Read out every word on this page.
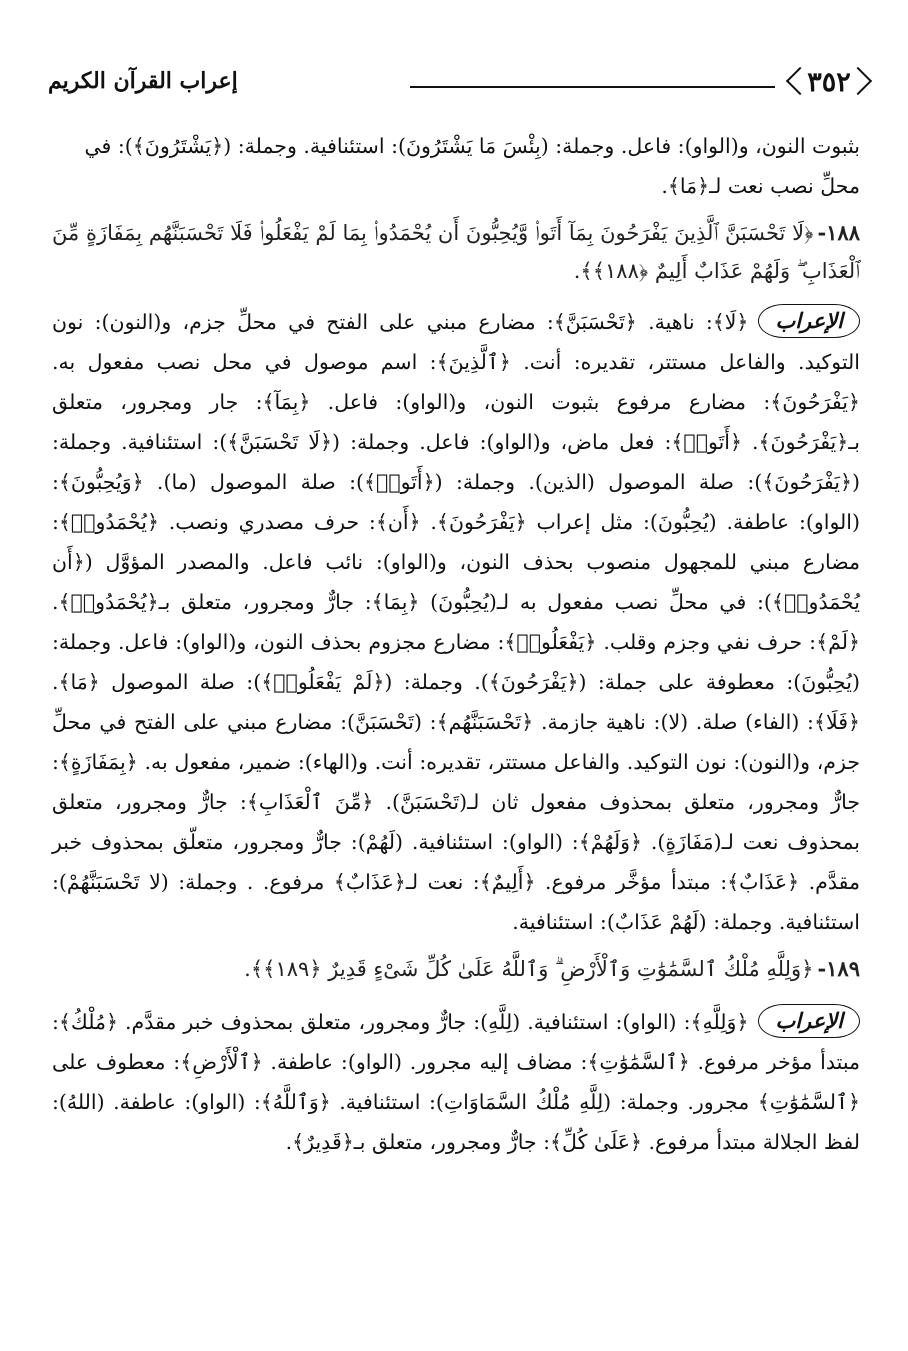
٣٥٢
إعراب القرآن الكريم

بثبوت النون، و(الواو): فاعل. وجملة: (بِئْسَ مَا يَشْتَرُونَ): استئنافية. وجملة: (﴿يَشْتَرُونَ﴾): في

محلِّ نصب نعت لـ﴿مَا﴾.

١٨٨-﴿لَا تَحْسَبَنَّ ٱلَّذِينَ يَفْرَحُونَ بِمَآ أَتَوا۟ وَّيُحِبُّونَ أَن يُحْمَدُوا۟ بِمَا لَمْ يَفْعَلُوا۟ فَلَا تَحْسَبَنَّهُم بِمَفَازَةٍ مِّنَ ٱلْعَذَابِ ۖ وَلَهُمْ عَذَابٌ أَلِيمٌ ﴿١٨٨﴾﴾.

الإعراب

﴿لَا﴾: ناهية. ﴿تَحْسَبَنَّ﴾: مضارع مبني على الفتح في محلِّ جزم، و(النون): نون التوكيد. والفاعل مستتر، تقديره: أنت. ﴿ٱلَّذِينَ﴾: اسم موصول في محل نصب مفعول به. ﴿يَفْرَحُونَ﴾: مضارع مرفوع بثبوت النون، و(الواو): فاعل. ﴿بِمَآ﴾: جار ومجرور، متعلق بـ﴿يَفْرَحُونَ﴾. ﴿أَتَوا۟﴾: فعل ماض، و(الواو): فاعل. وجملة: (﴿لَا تَحْسَبَنَّ﴾): استئنافية. وجملة: (﴿يَفْرَحُونَ﴾): صلة الموصول (الذين). وجملة: (﴿أَتَوا۟﴾): صلة الموصول (ما). ﴿وَيُحِبُّونَ﴾: (الواو): عاطفة. (يُحِبُّونَ): مثل إعراب ﴿يَفْرَحُونَ﴾. ﴿أَن﴾: حرف مصدري ونصب. ﴿يُحْمَدُوا۟﴾: مضارع مبني للمجهول منصوب بحذف النون، و(الواو): نائب فاعل. والمصدر المؤوَّل (﴿أَن يُحْمَدُوا۟﴾): في محلِّ نصب مفعول به لـ(يُحِبُّونَ) ﴿بِمَا﴾: جارٌّ ومجرور، متعلق بـ﴿يُحْمَدُوا۟﴾. ﴿لَمْ﴾: حرف نفي وجزم وقلب. ﴿يَفْعَلُوا۟﴾: مضارع مجزوم بحذف النون، و(الواو): فاعل. وجملة: (يُحِبُّونَ): معطوفة على جملة: (﴿يَفْرَحُونَ﴾). وجملة: (﴿لَمْ يَفْعَلُوا۟﴾): صلة الموصول ﴿مَا﴾. ﴿فَلَا﴾: (الفاء) صلة. (لا): ناهية جازمة. ﴿تَحْسَبَنَّهُم﴾: (تَحْسَبَنَّ): مضارع مبني على الفتح في محلِّ جزم، و(النون): نون التوكيد. والفاعل مستتر، تقديره: أنت. و(الهاء): ضمير، مفعول به. ﴿بِمَفَازَةٍ﴾: جارٌّ ومجرور، متعلق بمحذوف مفعول ثان لـ(تَحْسَبَنَّ). ﴿مِّنَ ٱلْعَذَابِ﴾: جارٌّ ومجرور، متعلق بمحذوف نعت لـ(مَفَازَةٍ). ﴿وَلَهُمْ﴾: (الواو): استئنافية. (لَهُمْ): جارٌّ ومجرور، متعلّق بمحذوف خبر مقدَّم. ﴿عَذَابٌ﴾: مبتدأ مؤخَّر مرفوع. ﴿أَلِيمٌ﴾: نعت لـ﴿عَذَابٌ﴾ مرفوع. . وجملة: (لا تَحْسَبَنَّهُمْ): استئنافية. وجملة: (لَهُمْ عَذَابٌ): استئنافية.

١٨٩-﴿وَلِلَّهِ مُلْكُ ٱلسَّمَٰوَٰتِ وَٱلْأَرْضِ ۗ وَٱللَّهُ عَلَىٰ كُلِّ شَىْءٍ قَدِيرٌ ﴿١٨٩﴾﴾.

الإعراب

﴿وَلِلَّهِ﴾: (الواو): استئنافية. (لِلَّهِ): جارٌّ ومجرور، متعلق بمحذوف خبر مقدَّم. ﴿مُلْكُ﴾: مبتدأ مؤخر مرفوع. ﴿ٱلسَّمَٰوَٰتِ﴾: مضاف إليه مجرور. (الواو): عاطفة. ﴿ٱلْأَرْضِ﴾: معطوف على ﴿ٱلسَّمَٰوَٰتِ﴾ مجرور. وجملة: (لِلَّهِ مُلْكُ السَّمَاوَاتِ): استئنافية. ﴿وَٱللَّهُ﴾: (الواو): عاطفة. (اللهُ): لفظ الجلالة مبتدأ مرفوع. ﴿عَلَىٰ كُلِّ﴾: جارٌّ ومجرور، متعلق بـ﴿قَدِيرٌ﴾.
